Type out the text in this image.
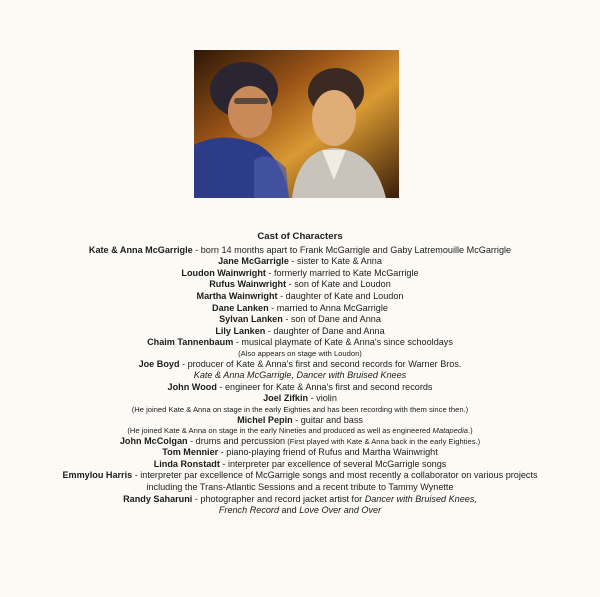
Cast of Characters
Kate & Anna McGarrigle - born 14 months apart to Frank McGarrigle and Gaby Latremouille McGarrigle
Jane McGarrigle - sister to Kate & Anna
Loudon Wainwright - formerly married to Kate McGarrigle
Rufus Wainwright - son of Kate and Loudon
Martha Wainwright - daughter of Kate and Loudon
Dane Lanken - married to Anna McGarrigle
Sylvan Lanken - son of Dane and Anna
Lily Lanken - daughter of Dane and Anna
Chaim Tannenbaum - musical playmate of Kate & Anna's since schooldays
(Also appears on stage with Loudon)
Joe Boyd - producer of Kate & Anna's first and second records for Warner Bros.
Kate & Anna McGarrigle, Dancer with Bruised Knees
John Wood - engineer for Kate & Anna's first and second records
Joel Zifkin - violin
(He joined Kate & Anna on stage in the early Eighties and has been recording with them since then.)
Michel Pepin - guitar and bass
(He joined Kate & Anna on stage in the early Nineties and produced as well as engineered Matapedia.)
John McColgan - drums and percussion (First played with Kate & Anna back in the early Eighties.)
Tom Mennier - piano-playing friend of Rufus and Martha Wainwright
Linda Ronstadt - interpreter par excellence of several McGarrigle songs
Emmylou Harris - interpreter par excellence of McGarrigle songs and most recently a collaborator on various projects including the Trans-Atlantic Sessions and a recent tribute to Tammy Wynette
Randy Saharuni - photographer and record jacket artist for Dancer with Bruised Knees,
French Record and Love Over and Over
